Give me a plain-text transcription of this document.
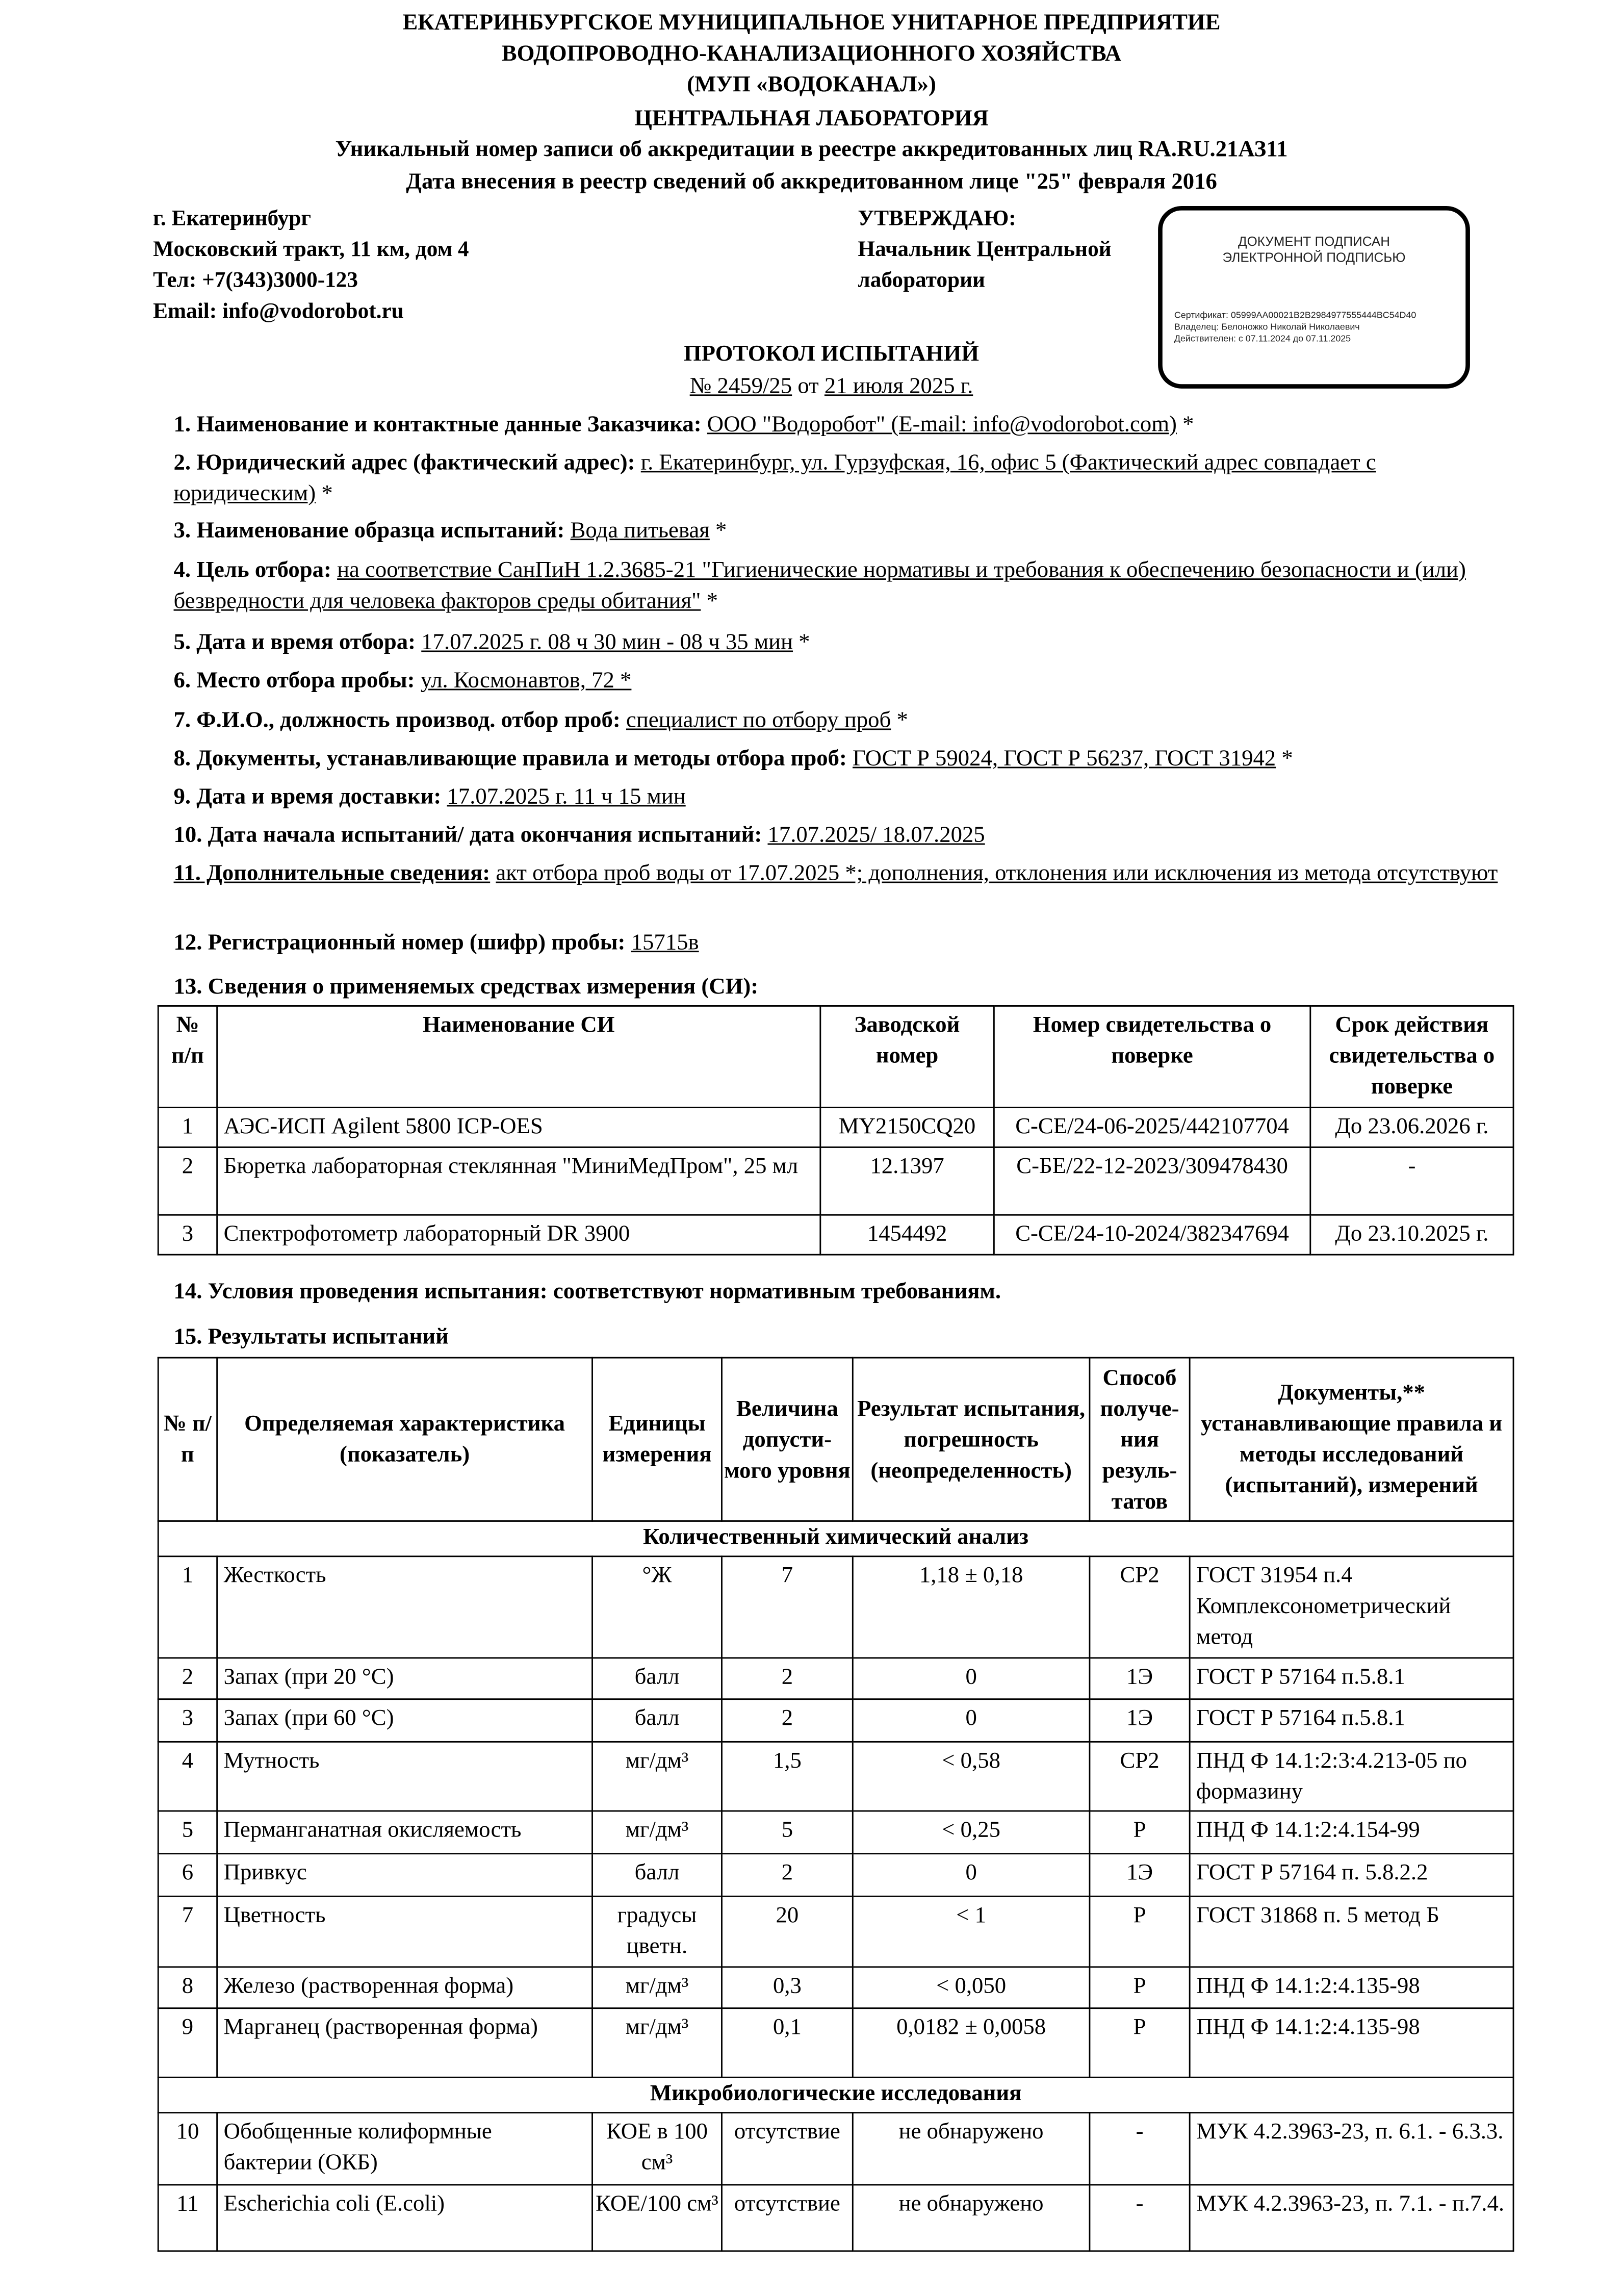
ЕКАТЕРИНБУРГСКОЕ МУНИЦИПАЛЬНОЕ УНИТАРНОЕ ПРЕДПРИЯТИЕ
ВОДОПРОВОДНО-КАНАЛИЗАЦИОННОГО ХОЗЯЙСТВА
(МУП «ВОДОКАНАЛ»)
ЦЕНТРАЛЬНАЯ ЛАБОРАТОРИЯ
Уникальный номер записи об аккредитации в реестре аккредитованных лиц RA.RU.21АЗ11
Дата внесения в реестр сведений об аккредитованном лице "25" февраля 2016
г. Екатеринбург
Московский тракт, 11 км, дом 4
Тел: +7(343)3000-123
Email: info@vodorobot.ru
УТВЕРЖДАЮ:
Начальник Центральной
лаборатории
ДОКУМЕНТ ПОДПИСАН
ЭЛЕКТРОННОЙ ПОДПИСЬЮ
Сертификат: 05999AA00021B2B2984977555444BC54D40
Владелец: Белоножко Николай Николаевич
Действителен: с 07.11.2024 до 07.11.2025
ПРОТОКОЛ ИСПЫТАНИЙ
№ 2459/25 от 21 июля 2025 г.
1. Наименование и контактные данные Заказчика: ООО "Водоробот" (E-mail: info@vodorobot.com) *
2. Юридический адрес (фактический адрес): г. Екатеринбург, ул. Гурзуфская, 16, офис 5 (Фактический адрес совпадает с юридическим) *
3. Наименование образца испытаний: Вода питьевая *
4. Цель отбора: на соответствие СанПиН 1.2.3685-21 "Гигиенические нормативы и требования к обеспечению безопасности и (или) безвредности для человека факторов среды обитания" *
5. Дата и время отбора: 17.07.2025 г. 08 ч 30 мин - 08 ч 35 мин *
6. Место отбора пробы: ул. Космонавтов, 72 *
7. Ф.И.О., должность производ. отбор проб: специалист по отбору проб *
8. Документы, устанавливающие правила и методы отбора проб: ГОСТ Р 59024, ГОСТ Р 56237, ГОСТ 31942 *
9. Дата и время доставки: 17.07.2025 г. 11 ч 15 мин
10. Дата начала испытаний/ дата окончания испытаний: 17.07.2025/ 18.07.2025
11. Дополнительные сведения: акт отбора проб воды от 17.07.2025 *; дополнения, отклонения или исключения из метода отсутствуют
12. Регистрационный номер (шифр) пробы: 15715в
13. Сведения о применяемых средствах измерения (СИ):
№ п/п	Наименование СИ	Заводской номер	Номер свидетельства о поверке	Срок действия свидетельства о поверке
1	АЭС-ИСП Agilent 5800 ICP-OES	MY2150CQ20	С-СЕ/24-06-2025/442107704	До 23.06.2026 г.
2	Бюретка лабораторная стеклянная "МиниМедПром", 25 мл	12.1397	С-БЕ/22-12-2023/309478430	-
3	Спектрофотометр лабораторный DR 3900	1454492	С-СЕ/24-10-2024/382347694	До 23.10.2025 г.
14. Условия проведения испытания: соответствуют нормативным требованиям.
15. Результаты испытаний
№ п/п	Определяемая характеристика (показатель)	Единицы измерения	Величина допусти-мого уровня	Результат испытания, погрешность (неопределенность)	Способ получе-ния резуль-татов	Документы,** устанавливающие правила и методы исследований (испытаний), измерений
Количественный химический анализ						
1	Жесткость	°Ж	7	1,18 ± 0,18	СР2	ГОСТ 31954 п.4 Комплексонометрический метод
2	Запах (при 20 °С)	балл	2	0	1Э	ГОСТ Р 57164 п.5.8.1
3	Запах (при 60 °С)	балл	2	0	1Э	ГОСТ Р 57164 п.5.8.1
4	Мутность	мг/дм³	1,5	< 0,58	СР2	ПНД Ф 14.1:2:3:4.213-05 по формазину
5	Перманганатная окисляемость	мг/дм³	5	< 0,25	Р	ПНД Ф 14.1:2:4.154-99
6	Привкус	балл	2	0	1Э	ГОСТ Р 57164 п. 5.8.2.2
7	Цветность	градусы цветн.	20	< 1	Р	ГОСТ 31868 п. 5 метод Б
8	Железо (растворенная форма)	мг/дм³	0,3	< 0,050	Р	ПНД Ф 14.1:2:4.135-98
9	Марганец (растворенная форма)	мг/дм³	0,1	0,0182 ± 0,0058	Р	ПНД Ф 14.1:2:4.135-98
Микробиологические исследования						
10	Обобщенные колиформные бактерии (ОКБ)	КОЕ в 100 см³	отсутствие	не обнаружено	-	МУК 4.2.3963-23, п. 6.1. - 6.3.3.
11	Escherichia coli (E.coli)	КОЕ/100 см³	отсутствие	не обнаружено	-	МУК 4.2.3963-23, п. 7.1. - п.7.4.
